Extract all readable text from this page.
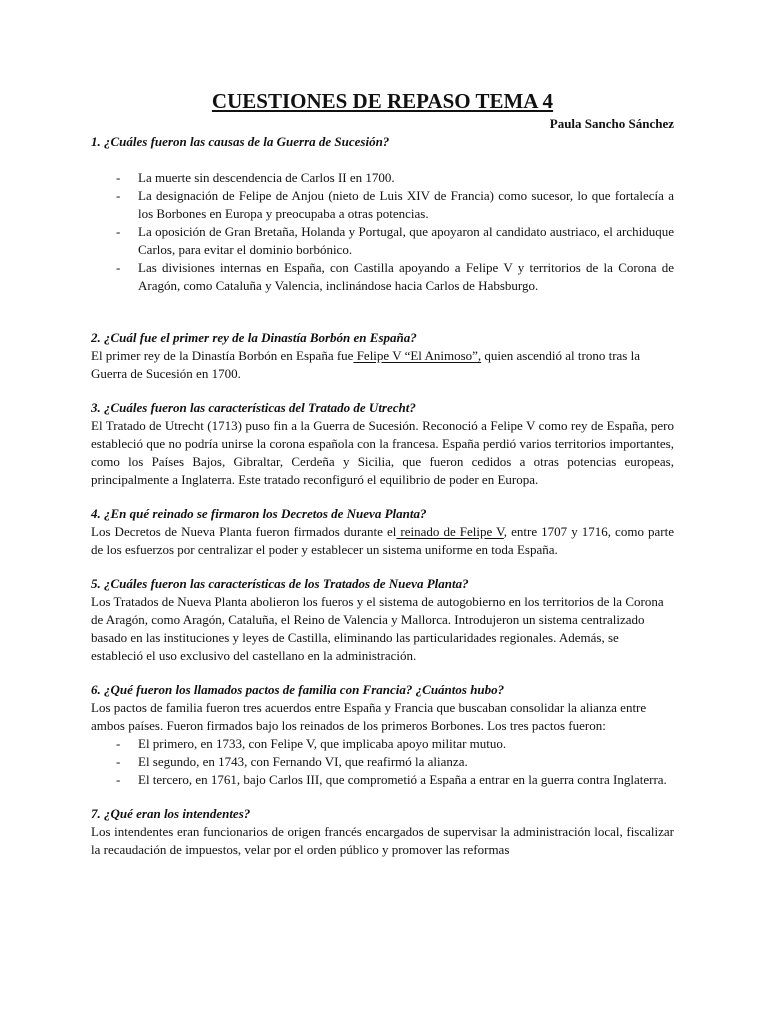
CUESTIONES DE REPASO TEMA 4
Paula Sancho Sánchez

1. ¿Cuáles fueron las causas de la Guerra de Sucesión?

- La muerte sin descendencia de Carlos II en 1700.
- La designación de Felipe de Anjou (nieto de Luis XIV de Francia) como sucesor, lo que fortalecía a los Borbones en Europa y preocupaba a otras potencias.
- La oposición de Gran Bretaña, Holanda y Portugal, que apoyaron al candidato austriaco, el archiduque Carlos, para evitar el dominio borbónico.
- Las divisiones internas en España, con Castilla apoyando a Felipe V y territorios de la Corona de Aragón, como Cataluña y Valencia, inclinándose hacia Carlos de Habsburgo.

2. ¿Cuál fue el primer rey de la Dinastía Borbón en España?

El primer rey de la Dinastía Borbón en España fue Felipe V “El Animoso”, quien ascendió al trono tras la Guerra de Sucesión en 1700.

3. ¿Cuáles fueron las características del Tratado de Utrecht?

El Tratado de Utrecht (1713) puso fin a la Guerra de Sucesión. Reconoció a Felipe V como rey de España, pero estableció que no podría unirse la corona española con la francesa. España perdió varios territorios importantes, como los Países Bajos, Gibraltar, Cerdeña y Sicilia, que fueron cedidos a otras potencias europeas, principalmente a Inglaterra. Este tratado reconfiguró el equilibrio de poder en Europa.

4. ¿En qué reinado se firmaron los Decretos de Nueva Planta?

Los Decretos de Nueva Planta fueron firmados durante el reinado de Felipe V, entre 1707 y 1716, como parte de los esfuerzos por centralizar el poder y establecer un sistema uniforme en toda España.

5. ¿Cuáles fueron las características de los Tratados de Nueva Planta?

Los Tratados de Nueva Planta abolieron los fueros y el sistema de autogobierno en los territorios de la Corona de Aragón, como Aragón, Cataluña, el Reino de Valencia y Mallorca. Introdujeron un sistema centralizado basado en las instituciones y leyes de Castilla, eliminando las particularidades regionales. Además, se estableció el uso exclusivo del castellano en la administración.

6. ¿Qué fueron los llamados pactos de familia con Francia? ¿Cuántos hubo?

Los pactos de familia fueron tres acuerdos entre España y Francia que buscaban consolidar la alianza entre ambos países. Fueron firmados bajo los reinados de los primeros Borbones. Los tres pactos fueron:

- El primero, en 1733, con Felipe V, que implicaba apoyo militar mutuo.
- El segundo, en 1743, con Fernando VI, que reafirmó la alianza.
- El tercero, en 1761, bajo Carlos III, que comprometió a España a entrar en la guerra contra Inglaterra.

7. ¿Qué eran los intendentes?

Los intendentes eran funcionarios de origen francés encargados de supervisar la administración local, fiscalizar la recaudación de impuestos, velar por el orden público y promover las reformas
